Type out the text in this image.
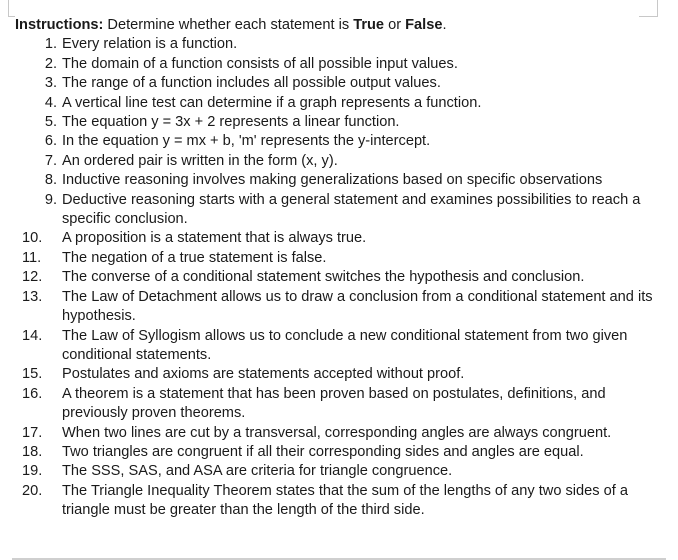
Instructions: Determine whether each statement is True or False.

1. Every relation is a function.
2. The domain of a function consists of all possible input values.
3. The range of a function includes all possible output values.
4. A vertical line test can determine if a graph represents a function.
5. The equation y = 3x + 2 represents a linear function.
6. In the equation y = mx + b, 'm' represents the y-intercept.
7. An ordered pair is written in the form (x, y).
8. Inductive reasoning involves making generalizations based on specific observations
9. Deductive reasoning starts with a general statement and examines possibilities to reach a specific conclusion.
10.	A proposition is a statement that is always true.
11.	The negation of a true statement is false.
12.	The converse of a conditional statement switches the hypothesis and conclusion.
13.	The Law of Detachment allows us to draw a conclusion from a conditional statement and its hypothesis.
14.	The Law of Syllogism allows us to conclude a new conditional statement from two given conditional statements.
15.	Postulates and axioms are statements accepted without proof.
16.	A theorem is a statement that has been proven based on postulates, definitions, and previously proven theorems.
17.	When two lines are cut by a transversal, corresponding angles are always congruent.
18.	Two triangles are congruent if all their corresponding sides and angles are equal.
19.	The SSS, SAS, and ASA are criteria for triangle congruence.
20.	The Triangle Inequality Theorem states that the sum of the lengths of any two sides of a triangle must be greater than the length of the third side.
